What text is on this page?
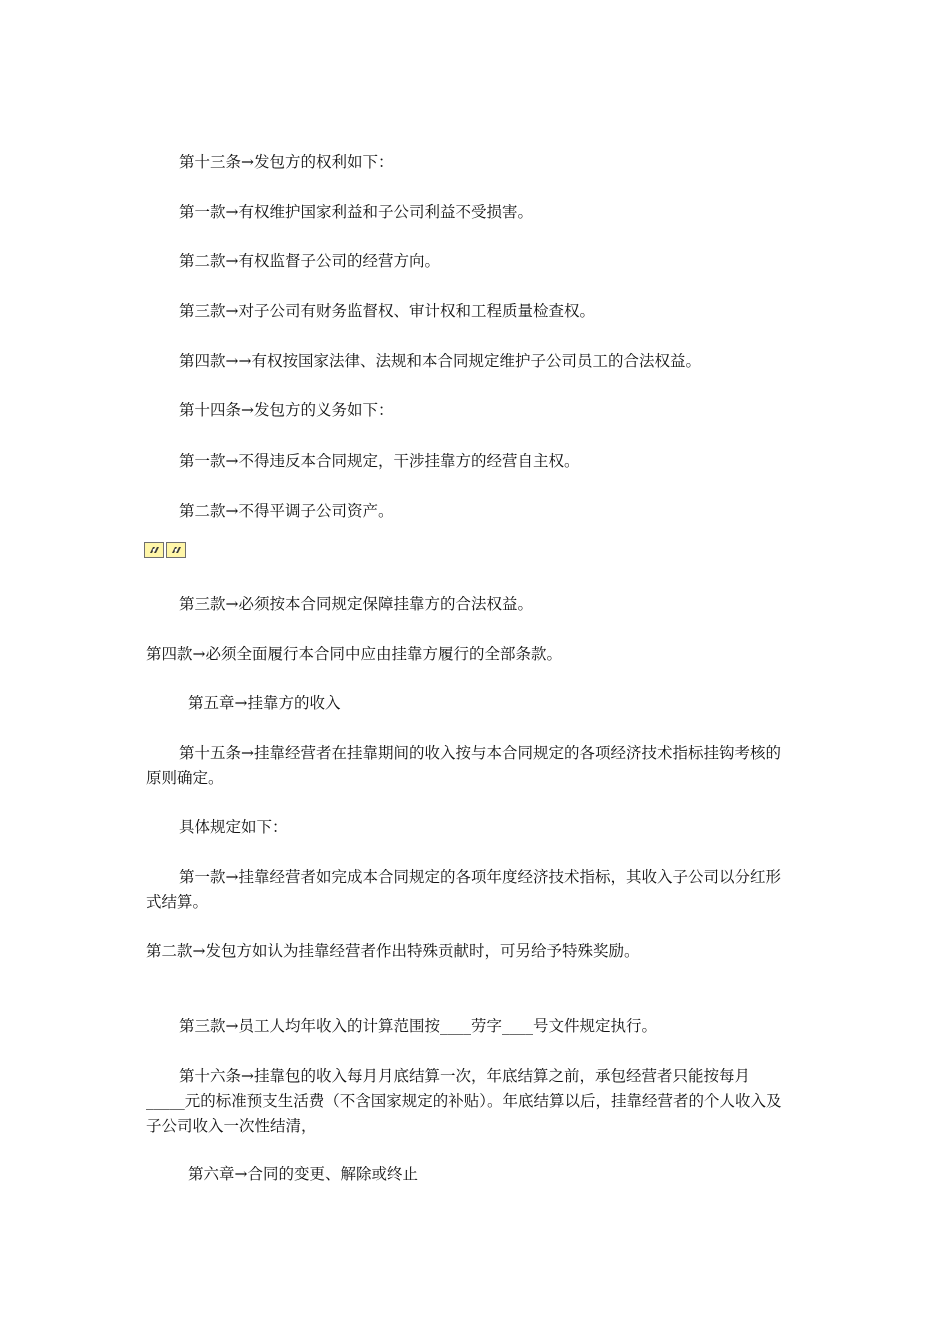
第十三条→发包方的权利如下：

第一款→有权维护国家利益和子公司利益不受损害。

第二款→有权监督子公司的经营方向。

第三款→对子公司有财务监督权、审计权和工程质量检查权。

第四款→→有权按国家法律、法规和本合同规定维护子公司员工的合法权益。

第十四条→发包方的义务如下：

第一款→不得违反本合同规定，干涉挂靠方的经营自主权。

第二款→不得平调子公司资产。

第三款→必须按本合同规定保障挂靠方的合法权益。

第四款→必须全面履行本合同中应由挂靠方履行的全部条款。

第五章→挂靠方的收入

第十五条→挂靠经营者在挂靠期间的收入按与本合同规定的各项经济技术指标挂钩考核的原则确定。

具体规定如下：

第一款→挂靠经营者如完成本合同规定的各项年度经济技术指标，其收入子公司以分红形式结算。

第二款→发包方如认为挂靠经营者作出特殊贡献时，可另给予特殊奖励。

第三款→员工人均年收入的计算范围按____劳字____号文件规定执行。

第十六条→挂靠包的收入每月月底结算一次，年底结算之前，承包经营者只能按每月_____元的标准预支生活费（不含国家规定的补贴）。年底结算以后，挂靠经营者的个人收入及子公司收入一次性结清，

第六章→合同的变更、解除或终止
